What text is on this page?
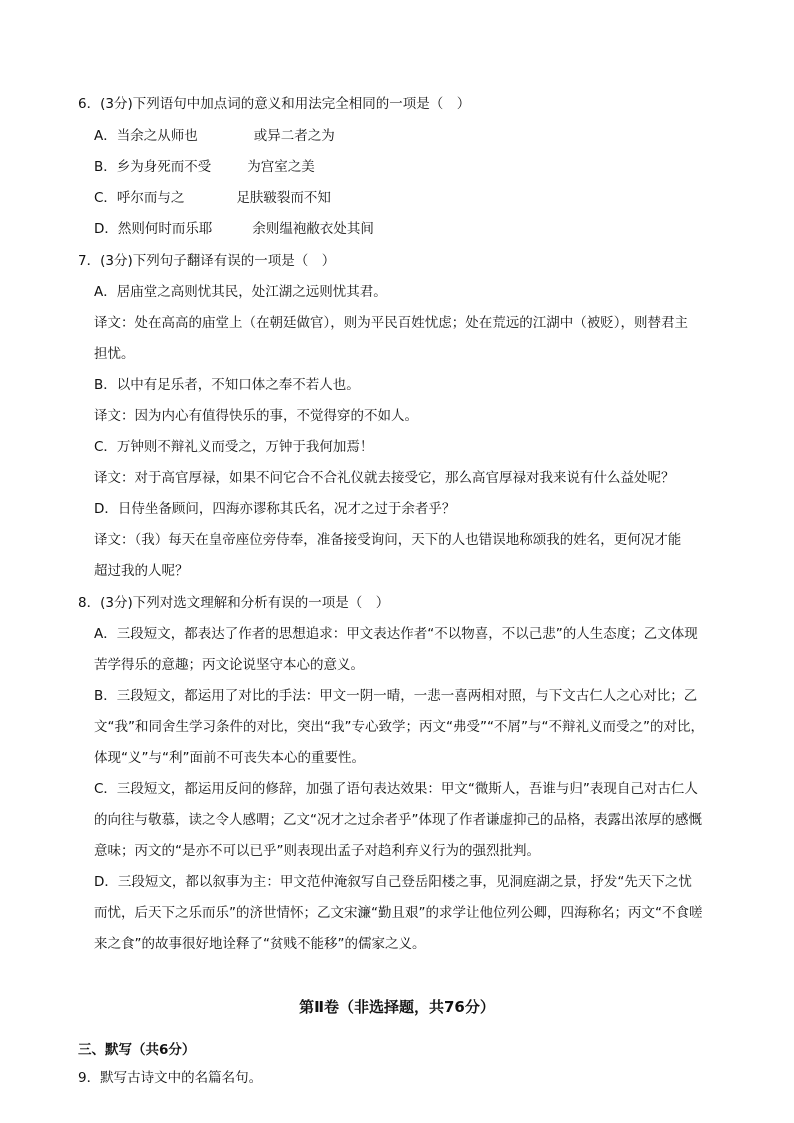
6．(3分)下列语句中加点词的意义和用法完全相同的一项是（　）
A．当余之从师也	或异二者之为
B．乡为身死而不受	为宫室之美
C．呼尔而与之	足肤皲裂而不知
D．然则何时而乐耶	余则缊袍敝衣处其间
7．(3分)下列句子翻译有误的一项是（　）
A．居庙堂之高则忧其民，处江湖之远则忧其君。
译文：处在高高的庙堂上（在朝廷做官），则为平民百姓忧虑；处在荒远的江湖中（被贬），则替君主
担忧。
B．以中有足乐者，不知口体之奉不若人也。
译文：因为内心有值得快乐的事，不觉得穿的不如人。
C．万钟则不辩礼义而受之，万钟于我何加焉！
译文：对于高官厚禄，如果不问它合不合礼仪就去接受它，那么高官厚禄对我来说有什么益处呢？
D．日侍坐备顾问，四海亦谬称其氏名，况才之过于余者乎？
译文：（我）每天在皇帝座位旁侍奉，准备接受询问，天下的人也错误地称颂我的姓名，更何况才能
超过我的人呢？
8．(3分)下列对选文理解和分析有误的一项是（　）
A．三段短文，都表达了作者的思想追求：甲文表达作者“不以物喜，不以己悲”的人生态度；乙文体现
苦学得乐的意趣；丙文论说坚守本心的意义。
B．三段短文，都运用了对比的手法：甲文一阴一晴，一悲一喜两相对照，与下文古仁人之心对比；乙
文“我”和同舍生学习条件的对比，突出“我”专心致学；丙文“弗受”“不屑”与“不辩礼义而受之”的对比，
体现“义”与“利”面前不可丧失本心的重要性。
C．三段短文，都运用反问的修辞，加强了语句表达效果：甲文“微斯人，吾谁与归”表现自己对古仁人
的向往与敬慕，读之令人感喟；乙文“况才之过余者乎”体现了作者谦虚抑己的品格，表露出浓厚的感慨
意味；丙文的“是亦不可以已乎”则表现出孟子对趋利弃义行为的强烈批判。
D．三段短文，都以叙事为主：甲文范仲淹叙写自己登岳阳楼之事，见洞庭湖之景，抒发“先天下之忧
而忧，后天下之乐而乐”的济世情怀；乙文宋濂“勤且艰”的求学让他位列公卿，四海称名；丙文“不食嗟
来之食”的故事很好地诠释了“贫贱不能移”的儒家之义。
第Ⅱ卷（非选择题，共76分）
三、默写（共6分）
9．默写古诗文中的名篇名句。
